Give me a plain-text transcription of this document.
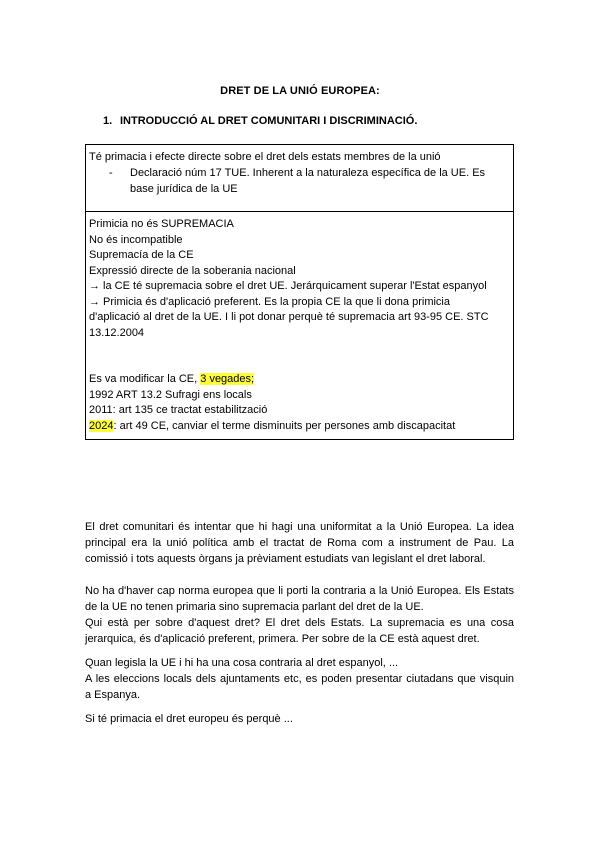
DRET DE LA UNIÓ EUROPEA:
1. INTRODUCCIÓ AL DRET COMUNITARI I DISCRIMINACIÓ.
Té primacia i efecte directe sobre el dret dels estats membres de la unió
-	Declaració núm 17 TUE. Inherent a la naturaleza específica de la UE. Es
base jurídica de la UE
Primicia no és SUPREMACIA
No és incompatible
Supremacía de la CE
Expressió directe de la soberania nacional
→ la CE té supremacia sobre el dret UE. Jerárquicament superar l'Estat espanyol
→ Primicia és d'aplicació preferent. Es la propia CE la que li dona primicia
d'aplicació al dret de la UE. I li pot donar perquè té supremacia art 93-95 CE. STC
13.12.2004
Es va modificar la CE, 3 vegades;
1992 ART 13.2 Sufragi ens locals
2011: art 135 ce tractat estabilització
2024: art 49 CE, canviar el terme disminuits per persones amb discapacitat
El dret comunitari és intentar que hi hagi una uniformitat a la Unió Europea. La idea
principal era la unió política amb el tractat de Roma com a instrument de Pau. La
comissió i tots aquests òrgans ja prèviament estudiats van legislant el dret laboral.
No ha d'haver cap norma europea que li porti la contraria a la Unió Europea. Els Estats
de la UE no tenen primaria sino supremacia parlant del dret de la UE.
Qui està per sobre d'aquest dret? El dret dels Estats. La supremacia es una cosa
jerarquica, és d'aplicació preferent, primera. Per sobre de la CE està aquest dret.
Quan legisla la UE i hi ha una cosa contraria al dret espanyol, ...
A les eleccions locals dels ajuntaments etc, es poden presentar ciutadans que visquin
a Espanya.
Si té primacia el dret europeu és perquè ...
